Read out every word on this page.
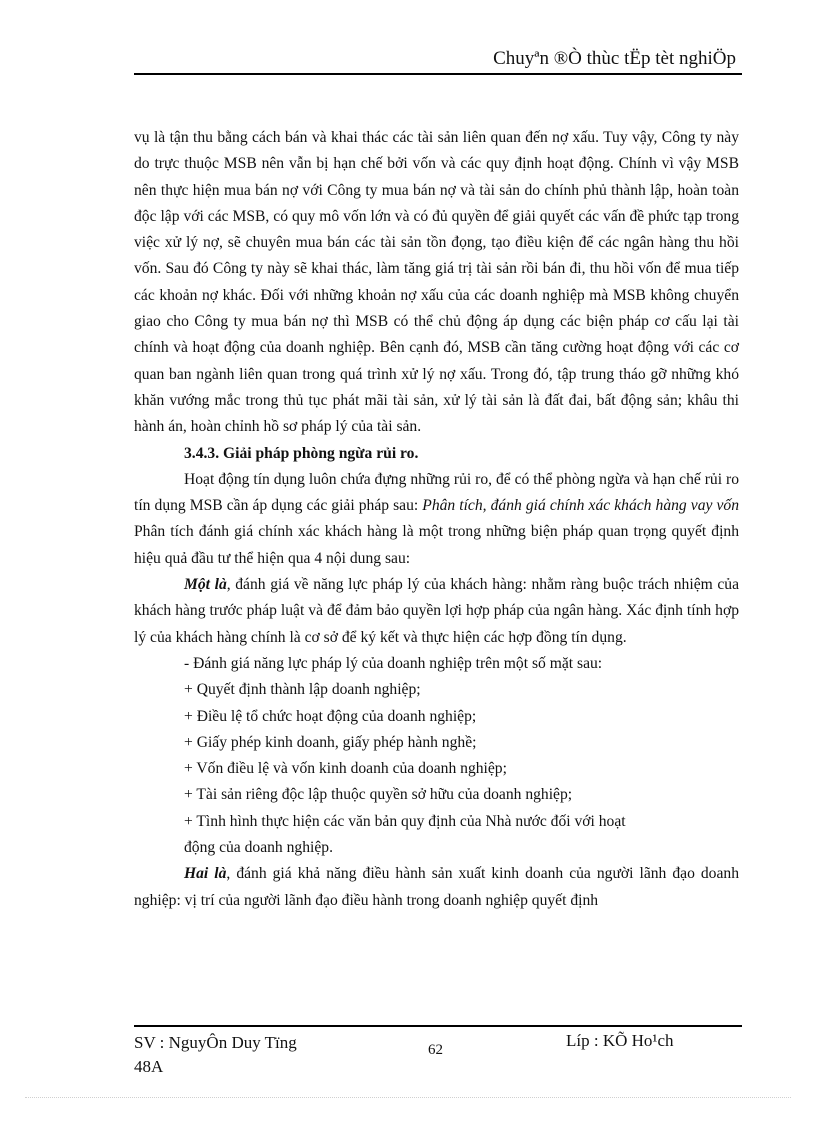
Chuyªn ®Ò thùc tËp tèt nghiÖp

vụ là tận thu bằng cách bán và khai thác các tài sản liên quan đến nợ xấu. Tuy vậy, Công ty này do trực thuộc MSB nên vẫn bị hạn chế bởi vốn và các quy định hoạt động. Chính vì vậy MSB nên thực hiện mua bán nợ với Công ty mua bán nợ và tài sản do chính phủ thành lập, hoàn toàn độc lập với các MSB, có quy mô vốn lớn và có đủ quyền để giải quyết các vấn đề phức tạp trong việc xử lý nợ, sẽ chuyên mua bán các tài sản tồn đọng, tạo điều kiện để các ngân hàng thu hồi vốn. Sau đó Công ty này sẽ khai thác, làm tăng giá trị tài sản rồi bán đi, thu hồi vốn để mua tiếp các khoản nợ khác. Đối với những khoản nợ xấu của các doanh nghiệp mà MSB không chuyển giao cho Công ty mua bán nợ thì MSB có thể chủ động áp dụng các biện pháp cơ cấu lại tài chính và hoạt động của doanh nghiệp. Bên cạnh đó, MSB cần tăng cường hoạt động với các cơ quan ban ngành liên quan trong quá trình xử lý nợ xấu. Trong đó, tập trung tháo gỡ những khó khăn vướng mắc trong thủ tục phát mãi tài sản, xử lý tài sản là đất đai, bất động sản; khâu thi hành án, hoàn chỉnh hồ sơ pháp lý của tài sản.

3.4.3. Giải pháp phòng ngừa rủi ro.

Hoạt động tín dụng luôn chứa đựng những rủi ro, để có thể phòng ngừa và hạn chế rủi ro tín dụng MSB cần áp dụng các giải pháp sau: Phân tích, đánh giá chính xác khách hàng vay vốn Phân tích đánh giá chính xác khách hàng là một trong những biện pháp quan trọng quyết định hiệu quả đầu tư thể hiện qua 4 nội dung sau:

Một là, đánh giá về năng lực pháp lý của khách hàng: nhằm ràng buộc trách nhiệm của khách hàng trước pháp luật và để đảm bảo quyền lợi hợp pháp của ngân hàng. Xác định tính hợp lý của khách hàng chính là cơ sở để ký kết và thực hiện các hợp đồng tín dụng.

- Đánh giá năng lực pháp lý của doanh nghiệp trên một số mặt sau:

+ Quyết định thành lập doanh nghiệp;

+ Điều lệ tổ chức hoạt động của doanh nghiệp;

+ Giấy phép kinh doanh, giấy phép hành nghề;

+ Vốn điều lệ và vốn kinh doanh của doanh nghiệp;

+ Tài sản riêng độc lập thuộc quyền sở hữu của doanh nghiệp;

+ Tình hình thực hiện các văn bản quy định của Nhà nước đối với hoạt

động của doanh nghiệp.

Hai là, đánh giá khả năng điều hành sản xuất kinh doanh của người lãnh đạo doanh nghiệp: vị trí của người lãnh đạo điều hành trong doanh nghiệp quyết định

SV : NguyÔn Duy Tïng
48A
62	Líp : KÕ Ho¹ch
